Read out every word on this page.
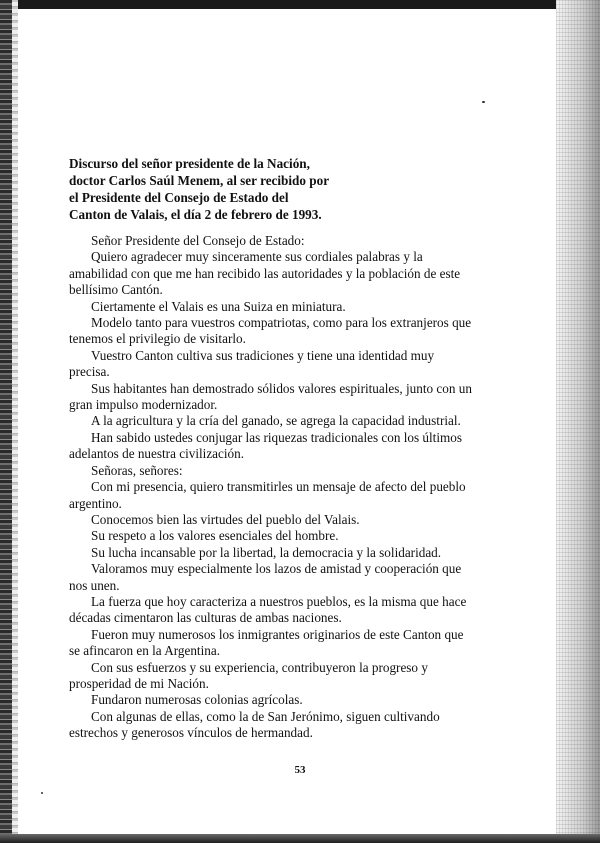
Discurso del señor presidente de la Nación,
doctor Carlos Saúl Menem, al ser recibido por
el Presidente del Consejo de Estado del
Canton de Valais, el día 2 de febrero de 1993.

Señor Presidente del Consejo de Estado:

Quiero agradecer muy sinceramente sus cordiales palabras y la amabilidad con que me han recibido las autoridades y la población de este bellísimo Cantón.

Ciertamente el Valais es una Suiza en miniatura.

Modelo tanto para vuestros compatriotas, como para los extranjeros que tenemos el privilegio de visitarlo.

Vuestro Canton cultiva sus tradiciones y tiene una identidad muy precisa.

Sus habitantes han demostrado sólidos valores espirituales, junto con un gran impulso modernizador.

A la agricultura y la cría del ganado, se agrega la capacidad industrial.

Han sabido ustedes conjugar las riquezas tradicionales con los últimos adelantos de nuestra civilización.

Señoras, señores:

Con mi presencia, quiero transmitirles un mensaje de afecto del pueblo argentino.

Conocemos bien las virtudes del pueblo del Valais.

Su respeto a los valores esenciales del hombre.

Su lucha incansable por la libertad, la democracia y la solidaridad.

Valoramos muy especialmente los lazos de amistad y cooperación que nos unen.

La fuerza que hoy caracteriza a nuestros pueblos, es la misma que hace décadas cimentaron las culturas de ambas naciones.

Fueron muy numerosos los inmigrantes originarios de este Canton que se afincaron en la Argentina.

Con sus esfuerzos y su experiencia, contribuyeron la progreso y prosperidad de mi Nación.

Fundaron numerosas colonias agrícolas.

Con algunas de ellas, como la de San Jerónimo, siguen cultivando estrechos y generosos vínculos de hermandad.

53
